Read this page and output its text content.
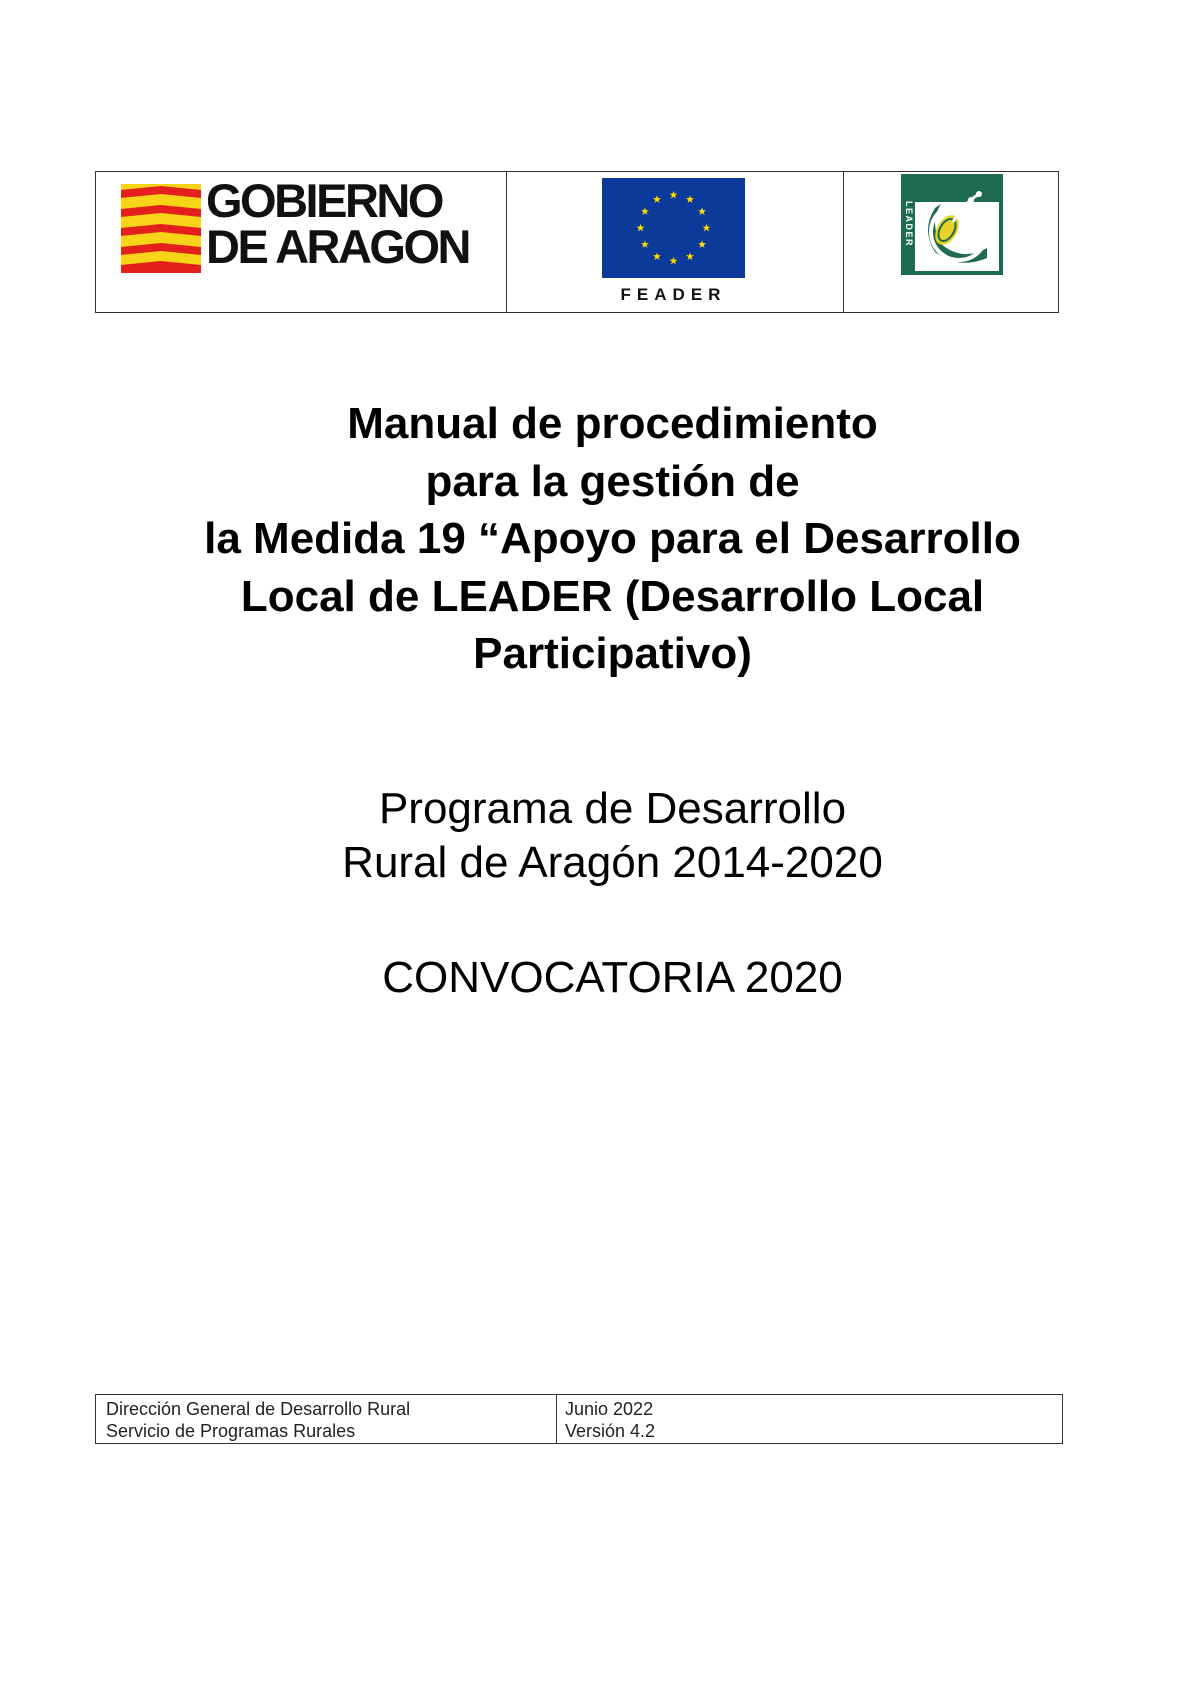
GOBIERNO
DE ARAGON
FEADER
LEADER
Manual de procedimiento
para la gestión de
la Medida 19 “Apoyo para el Desarrollo
Local de LEADER (Desarrollo Local
Participativo)
Programa de Desarrollo
Rural de Aragón 2014-2020
CONVOCATORIA 2020
Dirección General de Desarrollo Rural
Servicio de Programas Rurales
Junio 2022
Versión 4.2
